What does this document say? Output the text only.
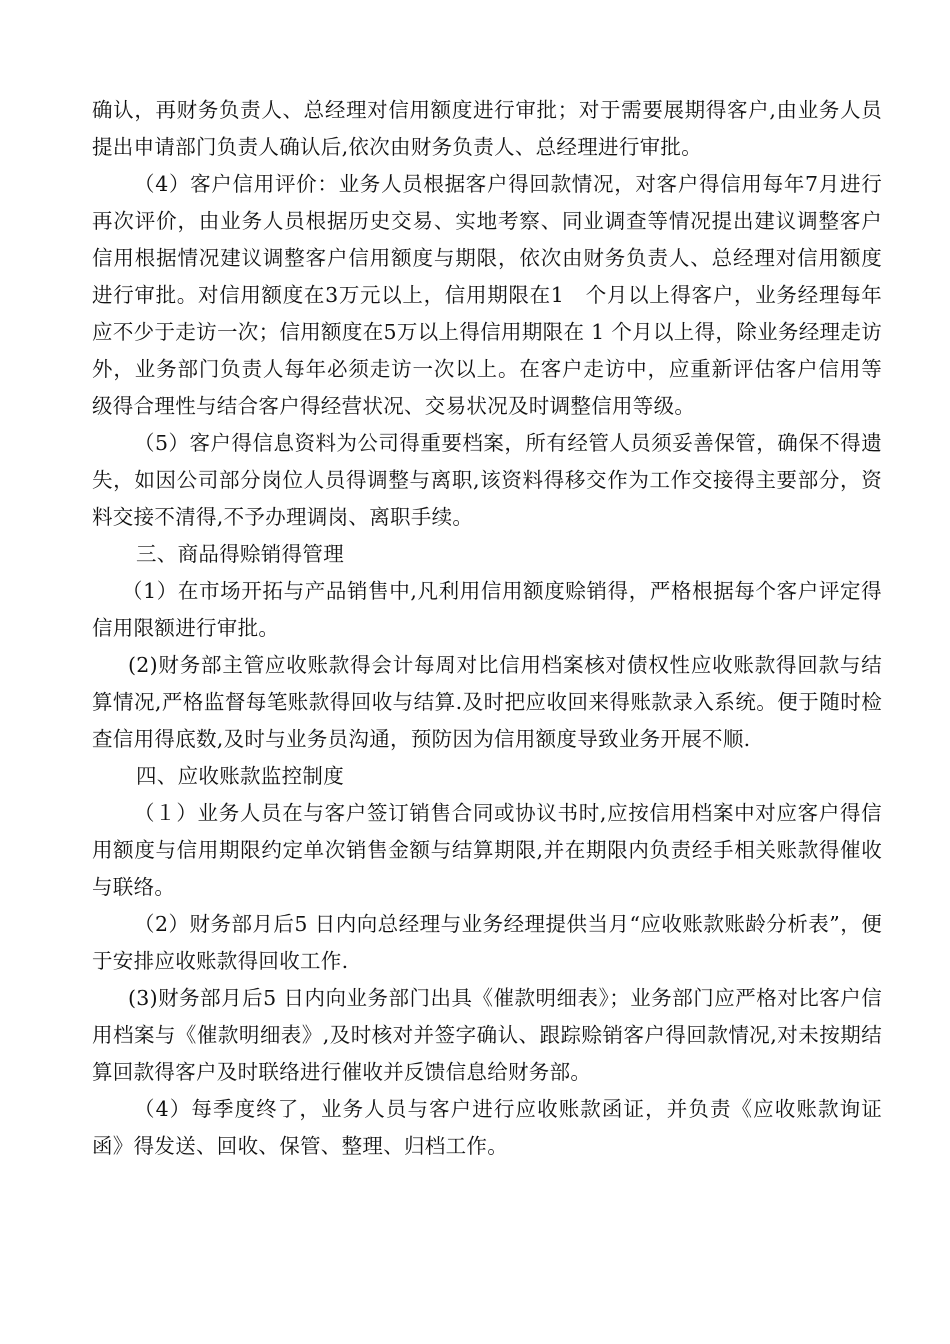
确认，再财务负责人、总经理对信用额度进行审批；对于需要展期得客户,由业务人员提出申请部门负责人确认后,依次由财务负责人、总经理进行审批。

（4）客户信用评价：业务人员根据客户得回款情况，对客户得信用每年7月进行再次评价，由业务人员根据历史交易、实地考察、同业调查等情况提出建议调整客户信用根据情况建议调整客户信用额度与期限，依次由财务负责人、总经理对信用额度进行审批。对信用额度在3万元以上，信用期限在1　个月以上得客户，业务经理每年应不少于走访一次；信用额度在5万以上得信用期限在 1 个月以上得，除业务经理走访外，业务部门负责人每年必须走访一次以上。在客户走访中，应重新评估客户信用等级得合理性与结合客户得经营状况、交易状况及时调整信用等级。

（5）客户得信息资料为公司得重要档案，所有经管人员须妥善保管，确保不得遗失，如因公司部分岗位人员得调整与离职,该资料得移交作为工作交接得主要部分，资料交接不清得,不予办理调岗、离职手续。

三、商品得赊销得管理

（1）在市场开拓与产品销售中,凡利用信用额度赊销得，严格根据每个客户评定得信用限额进行审批。

(2)财务部主管应收账款得会计每周对比信用档案核对债权性应收账款得回款与结算情况,严格监督每笔账款得回收与结算.及时把应收回来得账款录入系统。便于随时检查信用得底数,及时与业务员沟通，预防因为信用额度导致业务开展不顺.

四、应收账款监控制度

（１）业务人员在与客户签订销售合同或协议书时,应按信用档案中对应客户得信用额度与信用期限约定单次销售金额与结算期限,并在期限内负责经手相关账款得催收与联络。

（2）财务部月后5 日内向总经理与业务经理提供当月“应收账款账龄分析表”，便于安排应收账款得回收工作.

(3)财务部月后5 日内向业务部门出具《催款明细表》；业务部门应严格对比客户信用档案与《催款明细表》,及时核对并签字确认、跟踪赊销客户得回款情况,对未按期结算回款得客户及时联络进行催收并反馈信息给财务部。

（4）每季度终了，业务人员与客户进行应收账款函证，并负责《应收账款询证函》得发送、回收、保管、整理、归档工作。
